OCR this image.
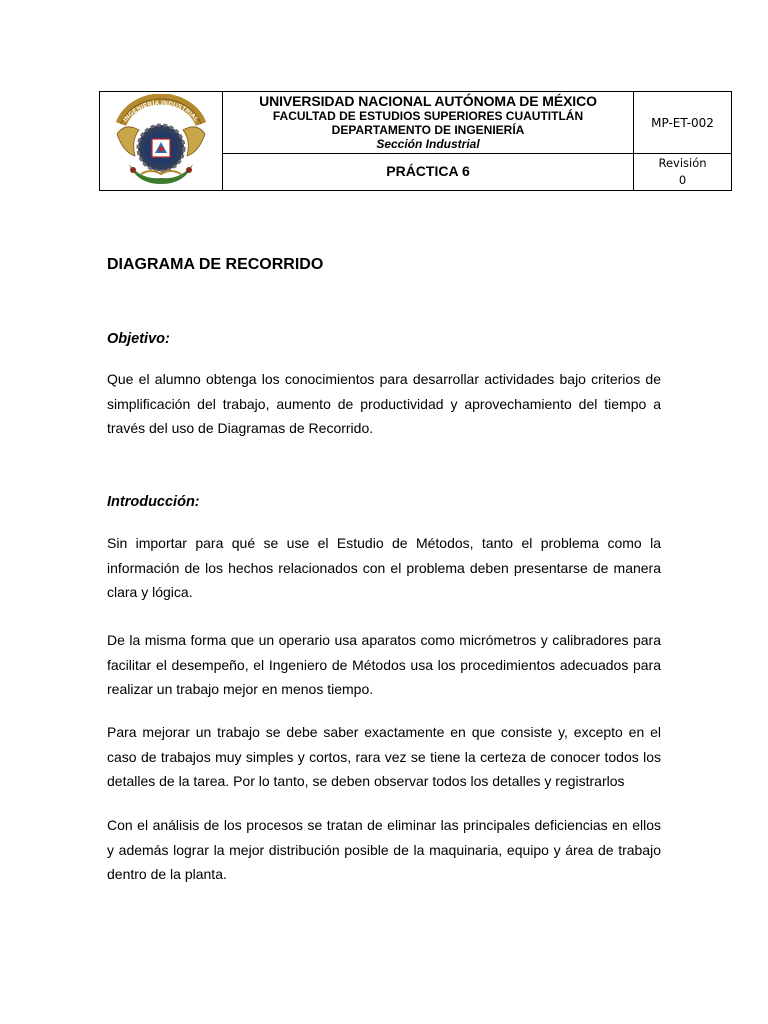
INGENIERÍA INDUSTRIAL	UNIVERSIDAD NACIONAL AUTÓNOMA DE MÉXICO
FACULTAD DE ESTUDIOS SUPERIORES CUAUTITLÁN
DEPARTAMENTO DE INGENIERÍA
Sección Industrial	MP-ET-002
	PRÁCTICA 6	Revisión
0
DIAGRAMA DE RECORRIDO
Objetivo:

Que el alumno obtenga los conocimientos para desarrollar actividades bajo criterios de simplificación del trabajo, aumento de productividad y aprovechamiento del tiempo a través del uso de Diagramas de Recorrido.

Introducción:

Sin importar para qué se use el Estudio de Métodos, tanto el problema como la información de los hechos relacionados con el problema deben presentarse de manera clara y lógica.

De la misma forma que un operario usa aparatos como micrómetros y calibradores para facilitar el desempeño, el Ingeniero de Métodos usa los procedimientos adecuados para realizar un trabajo mejor en menos tiempo.

Para mejorar un trabajo se debe saber exactamente en que consiste y, excepto en el caso de trabajos muy simples y cortos, rara vez se tiene la certeza de conocer todos los detalles de la tarea. Por lo tanto, se deben observar todos los detalles y registrarlos

Con el análisis de los procesos se tratan de eliminar las principales deficiencias en ellos y además lograr la mejor distribución posible de la maquinaria, equipo y área de trabajo dentro de la planta.
